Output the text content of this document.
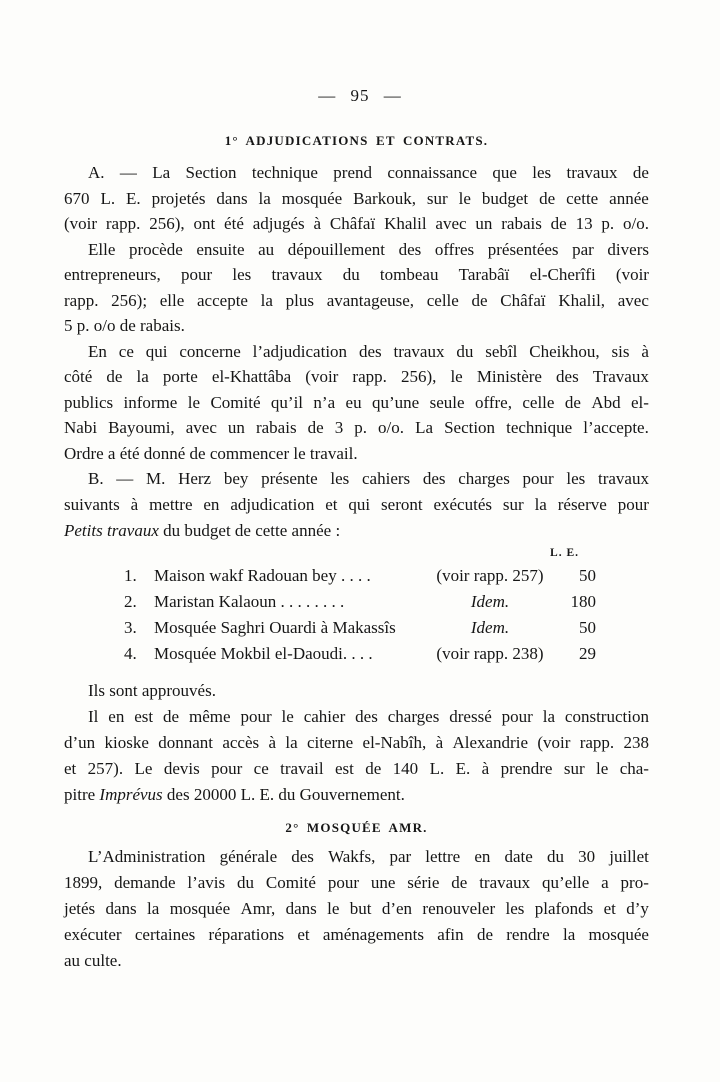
— 95 —
1° ADJUDICATIONS ET CONTRATS.
A. — La Section technique prend connaissance que les travaux de
670 L. E. projetés dans la mosquée Barkouk, sur le budget de cette année
(voir rapp. 256), ont été adjugés à Châfaï Khalil avec un rabais de 13 p. o/o.
Elle procède ensuite au dépouillement des offres présentées par divers
entrepreneurs, pour les travaux du tombeau Tarabâï el-Cherîfi (voir
rapp. 256); elle accepte la plus avantageuse, celle de Châfaï Khalil, avec
5 p. o/o de rabais.
En ce qui concerne l’adjudication des travaux du sebîl Cheikhou, sis à
côté de la porte el-Khattâba (voir rapp. 256), le Ministère des Travaux
publics informe le Comité qu’il n’a eu qu’une seule offre, celle de Abd el-
Nabi Bayoumi, avec un rabais de 3 p. o/o. La Section technique l’accepte.
Ordre a été donné de commencer le travail.
B. — M. Herz bey présente les cahiers des charges pour les travaux
suivants à mettre en adjudication et qui seront exécutés sur la réserve pour
Petits travaux du budget de cette année :
L. E.
1.	Maison wakf Radouan bey . . . .	(voir rapp. 257)	50
2.	Maristan Kalaoun . . . . . . . .	Idem.	180
3.	Mosquée Saghri Ouardi à Makassîs	Idem.	50
4.	Mosquée Mokbil el-Daoudi. . . .	(voir rapp. 238)	29
Ils sont approuvés.
Il en est de même pour le cahier des charges dressé pour la construction
d’un kioske donnant accès à la citerne el-Nabîh, à Alexandrie (voir rapp. 238
et 257). Le devis pour ce travail est de 140 L. E. à prendre sur le cha-
pitre Imprévus des 20000 L. E. du Gouvernement.
2° MOSQUÉE AMR.
L’Administration générale des Wakfs, par lettre en date du 30 juillet
1899, demande l’avis du Comité pour une série de travaux qu’elle a pro-
jetés dans la mosquée Amr, dans le but d’en renouveler les plafonds et d’y
exécuter certaines réparations et aménagements afin de rendre la mosquée
au culte.
